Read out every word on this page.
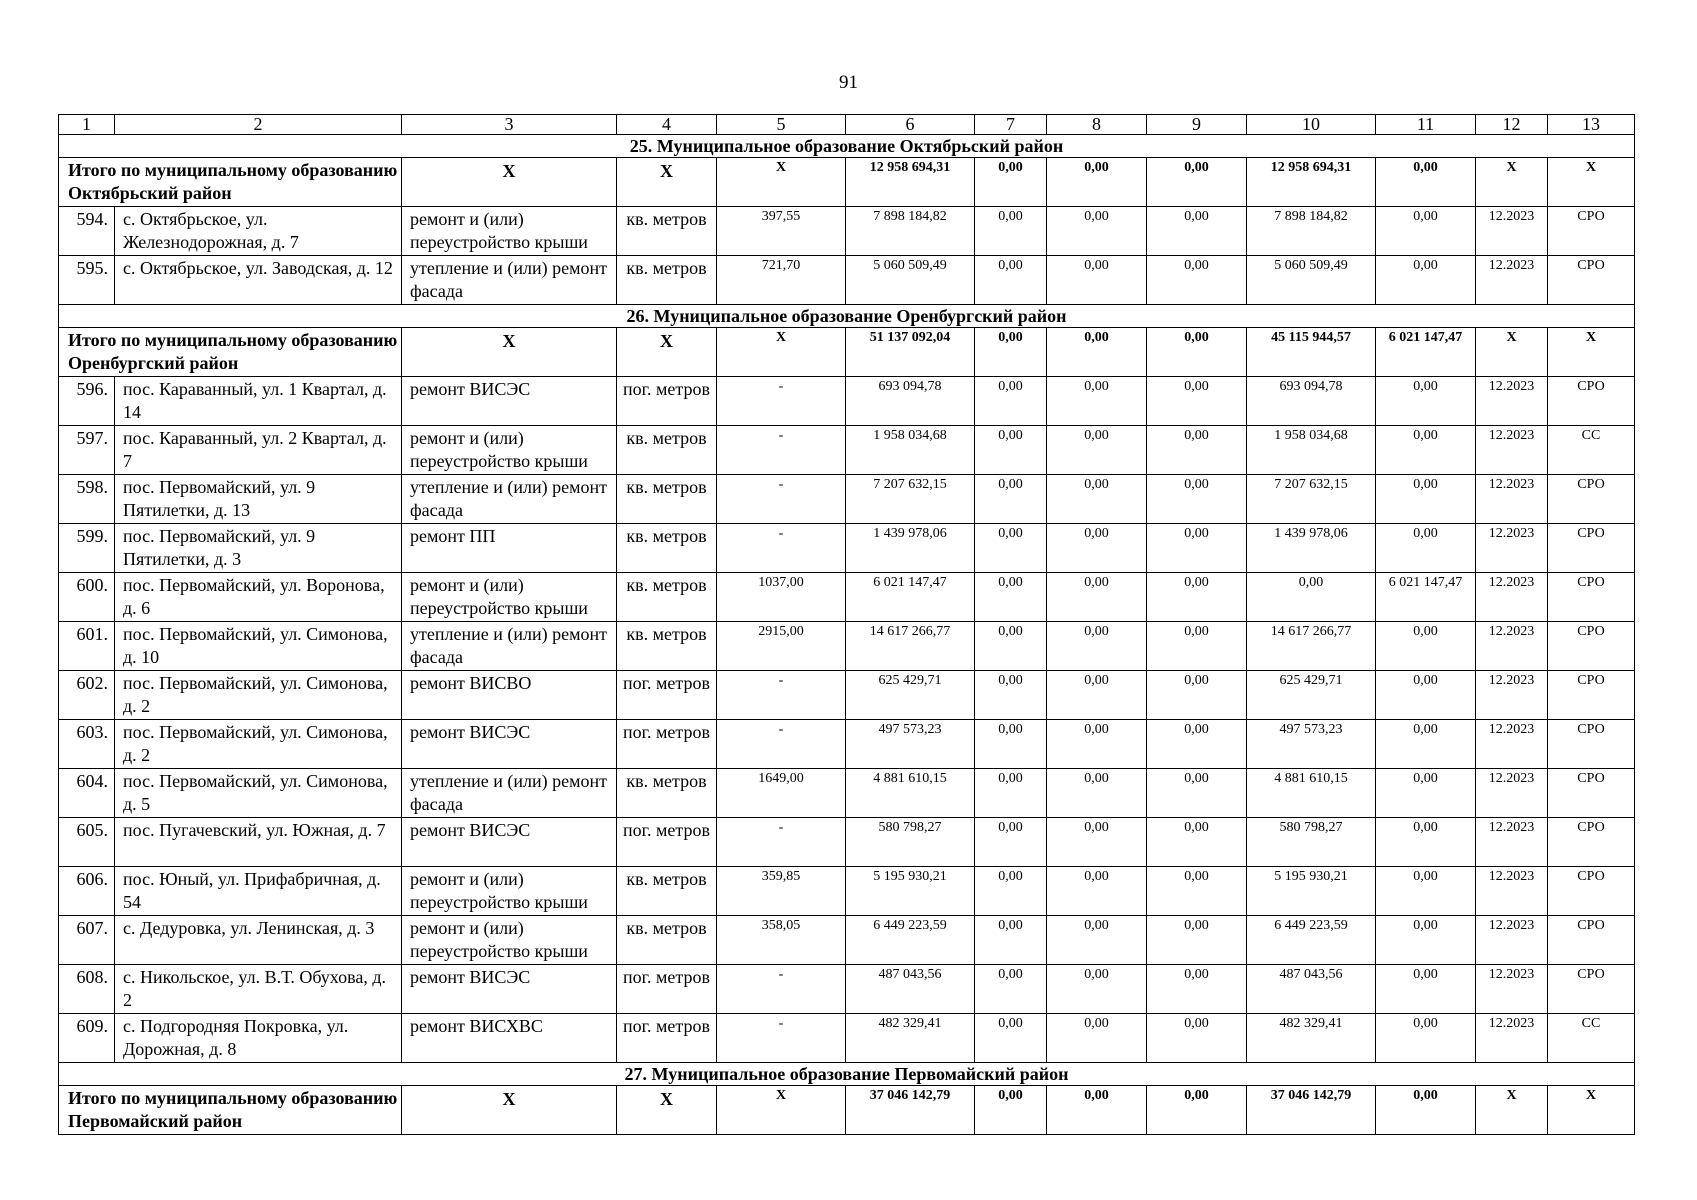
91
1	2	3	4	5	6	7	8	9	10	11	12	13
25. Муниципальное образование Октябрьский район												
Итого по муниципальному образованию Октябрьский район		X	X	X	12 958 694,31	0,00	0,00	0,00	12 958 694,31	0,00	X	X
594.	с. Октябрьское, ул. Железнодорожная, д. 7	ремонт и (или) переустройство крыши	кв. метров	397,55	7 898 184,82	0,00	0,00	0,00	7 898 184,82	0,00	12.2023	СРО
595.	с. Октябрьское, ул. Заводская, д. 12	утепление и (или) ремонт фасада	кв. метров	721,70	5 060 509,49	0,00	0,00	0,00	5 060 509,49	0,00	12.2023	СРО
26. Муниципальное образование Оренбургский район												
Итого по муниципальному образованию Оренбургский район		X	X	X	51 137 092,04	0,00	0,00	0,00	45 115 944,57	6 021 147,47	X	X
596.	пос. Караванный, ул. 1 Квартал, д. 14	ремонт ВИСЭС	пог. метров	-	693 094,78	0,00	0,00	0,00	693 094,78	0,00	12.2023	СРО
597.	пос. Караванный, ул. 2 Квартал, д. 7	ремонт и (или) переустройство крыши	кв. метров	-	1 958 034,68	0,00	0,00	0,00	1 958 034,68	0,00	12.2023	СС
598.	пос. Первомайский, ул. 9 Пятилетки, д. 13	утепление и (или) ремонт фасада	кв. метров	-	7 207 632,15	0,00	0,00	0,00	7 207 632,15	0,00	12.2023	СРО
599.	пос. Первомайский, ул. 9 Пятилетки, д. 3	ремонт ПП	кв. метров	-	1 439 978,06	0,00	0,00	0,00	1 439 978,06	0,00	12.2023	СРО
600.	пос. Первомайский, ул. Воронова, д. 6	ремонт и (или) переустройство крыши	кв. метров	1037,00	6 021 147,47	0,00	0,00	0,00	0,00	6 021 147,47	12.2023	СРО
601.	пос. Первомайский, ул. Симонова, д. 10	утепление и (или) ремонт фасада	кв. метров	2915,00	14 617 266,77	0,00	0,00	0,00	14 617 266,77	0,00	12.2023	СРО
602.	пос. Первомайский, ул. Симонова, д. 2	ремонт ВИСВО	пог. метров	-	625 429,71	0,00	0,00	0,00	625 429,71	0,00	12.2023	СРО
603.	пос. Первомайский, ул. Симонова, д. 2	ремонт ВИСЭС	пог. метров	-	497 573,23	0,00	0,00	0,00	497 573,23	0,00	12.2023	СРО
604.	пос. Первомайский, ул. Симонова, д. 5	утепление и (или) ремонт фасада	кв. метров	1649,00	4 881 610,15	0,00	0,00	0,00	4 881 610,15	0,00	12.2023	СРО
605.	пос. Пугачевский, ул. Южная, д. 7	ремонт ВИСЭС	пог. метров	-	580 798,27	0,00	0,00	0,00	580 798,27	0,00	12.2023	СРО
606.	пос. Юный, ул. Прифабричная, д. 54	ремонт и (или) переустройство крыши	кв. метров	359,85	5 195 930,21	0,00	0,00	0,00	5 195 930,21	0,00	12.2023	СРО
607.	с. Дедуровка, ул. Ленинская, д. 3	ремонт и (или) переустройство крыши	кв. метров	358,05	6 449 223,59	0,00	0,00	0,00	6 449 223,59	0,00	12.2023	СРО
608.	с. Никольское, ул. В.Т. Обухова, д. 2	ремонт ВИСЭС	пог. метров	-	487 043,56	0,00	0,00	0,00	487 043,56	0,00	12.2023	СРО
609.	с. Подгородняя Покровка, ул. Дорожная, д. 8	ремонт ВИСХВС	пог. метров	-	482 329,41	0,00	0,00	0,00	482 329,41	0,00	12.2023	СС
27. Муниципальное образование Первомайский район												
Итого по муниципальному образованию Первомайский район		X	X	X	37 046 142,79	0,00	0,00	0,00	37 046 142,79	0,00	X	X
